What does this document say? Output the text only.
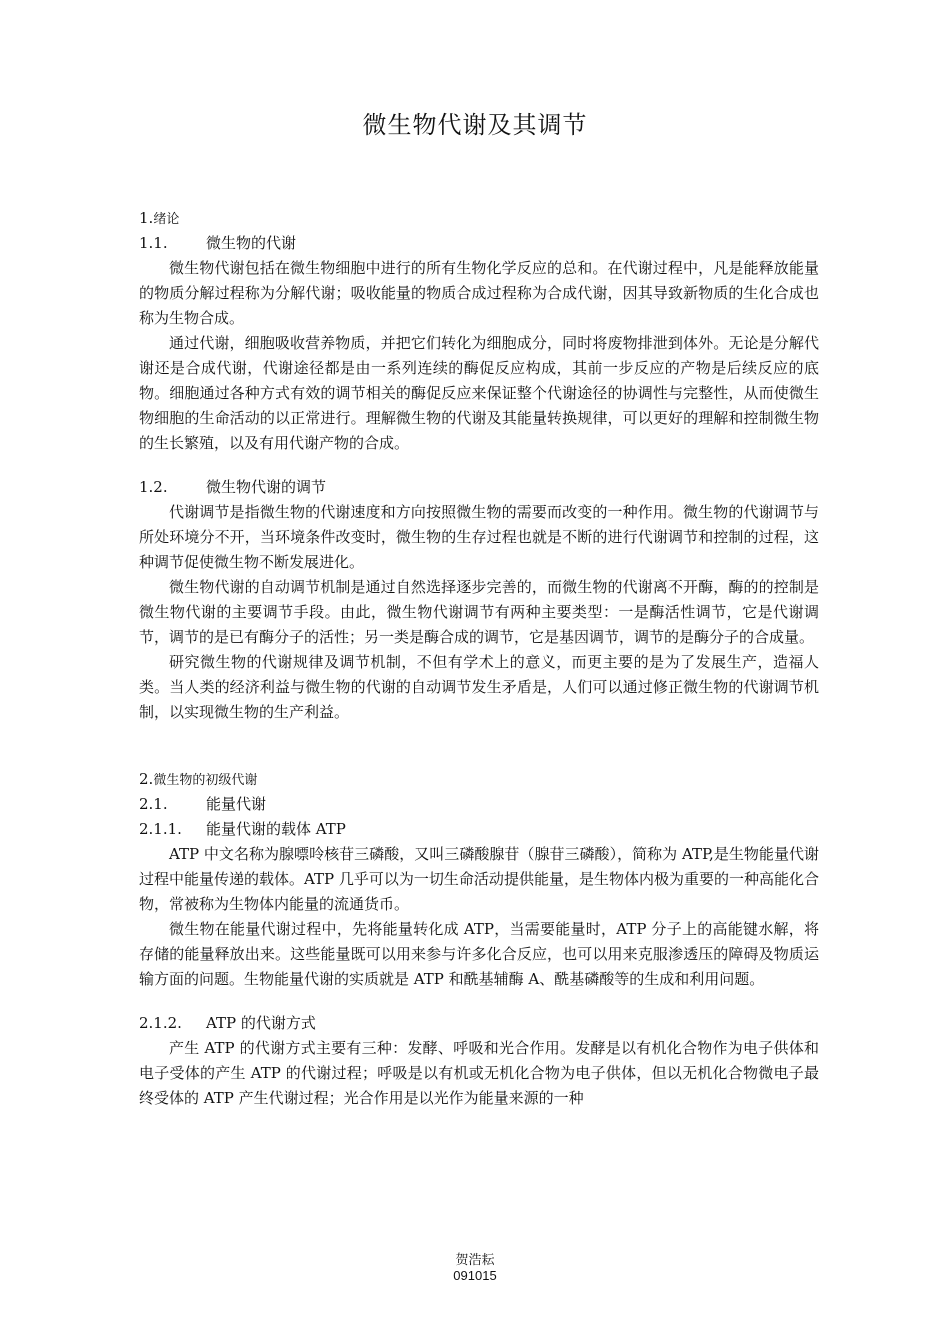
微生物代谢及其调节
1.绪论
1.1.	微生物的代谢

微生物代谢包括在微生物细胞中进行的所有生物化学反应的总和。在代谢过程中，凡是能释放能量的物质分解过程称为分解代谢；吸收能量的物质合成过程称为合成代谢，因其导致新物质的生化合成也称为生物合成。

通过代谢，细胞吸收营养物质，并把它们转化为细胞成分，同时将废物排泄到体外。无论是分解代谢还是合成代谢，代谢途径都是由一系列连续的酶促反应构成，其前一步反应的产物是后续反应的底物。细胞通过各种方式有效的调节相关的酶促反应来保证整个代谢途径的协调性与完整性，从而使微生物细胞的生命活动的以正常进行。理解微生物的代谢及其能量转换规律，可以更好的理解和控制微生物的生长繁殖，以及有用代谢产物的合成。

1.2.	微生物代谢的调节

代谢调节是指微生物的代谢速度和方向按照微生物的需要而改变的一种作用。微生物的代谢调节与所处环境分不开，当环境条件改变时，微生物的生存过程也就是不断的进行代谢调节和控制的过程，这种调节促使微生物不断发展进化。

微生物代谢的自动调节机制是通过自然选择逐步完善的，而微生物的代谢离不开酶，酶的的控制是微生物代谢的主要调节手段。由此，微生物代谢调节有两种主要类型：一是酶活性调节，它是代谢调节，调节的是已有酶分子的活性；另一类是酶合成的调节，它是基因调节，调节的是酶分子的合成量。

研究微生物的代谢规律及调节机制，不但有学术上的意义，而更主要的是为了发展生产，造福人类。当人类的经济利益与微生物的代谢的自动调节发生矛盾是，人们可以通过修正微生物的代谢调节机制，以实现微生物的生产利益。

2.微生物的初级代谢
2.1.	能量代谢
2.1.1. 能量代谢的载体 ATP

ATP 中文名称为腺嘌呤核苷三磷酸，又叫三磷酸腺苷（腺苷三磷酸），简称为 ATP,是生物能量代谢过程中能量传递的载体。ATP 几乎可以为一切生命活动提供能量，是生物体内极为重要的一种高能化合物，常被称为生物体内能量的流通货币。

微生物在能量代谢过程中，先将能量转化成 ATP，当需要能量时，ATP 分子上的高能键水解，将存储的能量释放出来。这些能量既可以用来参与许多化合反应，也可以用来克服渗透压的障碍及物质运输方面的问题。生物能量代谢的实质就是 ATP 和酰基辅酶 A、酰基磷酸等的生成和利用问题。

2.1.2. ATP 的代谢方式

产生 ATP 的代谢方式主要有三种：发酵、呼吸和光合作用。发酵是以有机化合物作为电子供体和电子受体的产生 ATP 的代谢过程；呼吸是以有机或无机化合物为电子供体，但以无机化合物微电子最终受体的 ATP 产生代谢过程；光合作用是以光作为能量来源的一种

贺浩耘
091015
